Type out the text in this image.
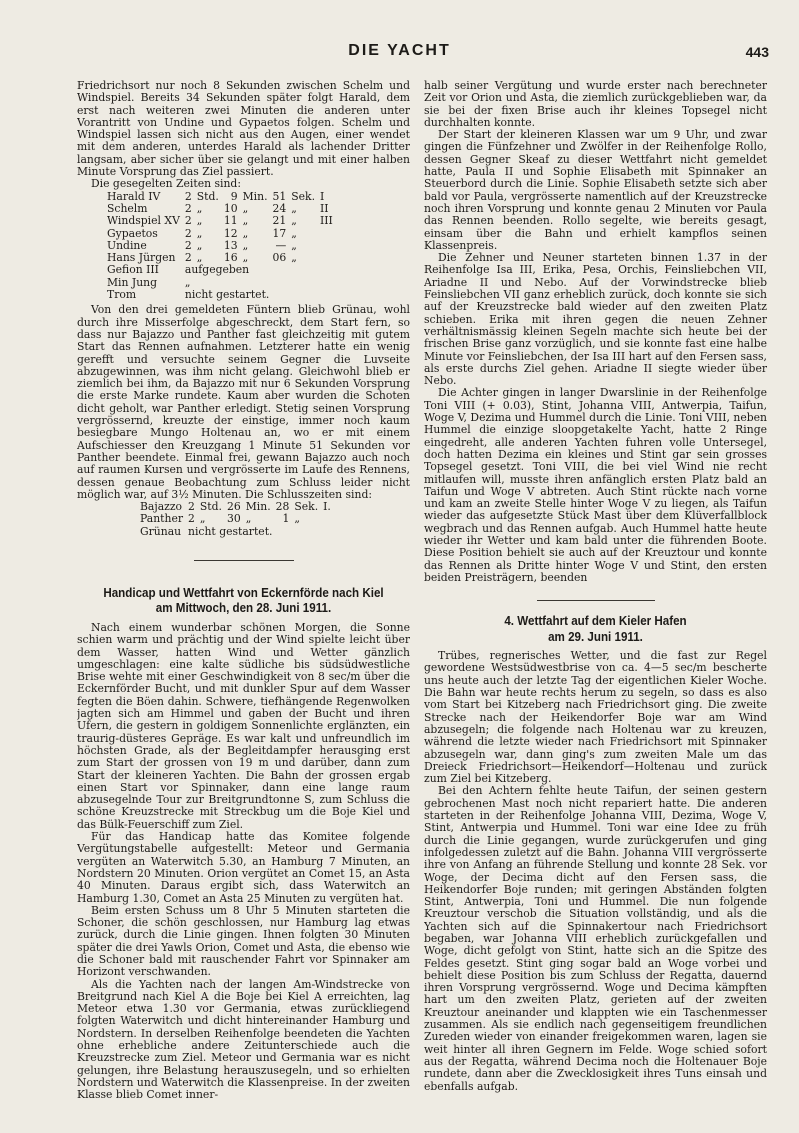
DIE YACHT	443

Friedrichsort nur noch 8 Sekunden zwischen Schelm und Windspiel. Bereits 34 Sekunden später folgt Harald, dem erst nach weiteren zwei Minuten die anderen unter Vorantritt von Undine und Gypaetos folgen. Schelm und Windspiel lassen sich nicht aus den Augen, einer wendet mit dem anderen, unterdes Harald als lachender Dritter langsam, aber sicher über sie gelangt und mit einer halben Minute Vorsprung das Ziel passiert.

Die gesegelten Zeiten sind:

Harald IV	2	Std.	9	Min.	51	Sek.	I
Schelm	2	„	10	„	24	„	II
Windspiel XV	2	„	11	„	21	„	III
Gypaetos	2	„	12	„	17	„	
Undine	2	„	13	„	—	„	
Hans Jürgen	2	„	16	„	06	„	
Gefion III	aufgegeben						
Min Jung	„						
Trom	nicht gestartet.						

Von den drei gemeldeten Füntern blieb Grünau, wohl durch ihre Misserfolge abgeschreckt, dem Start fern, so dass nur Bajazzo und Panther fast gleichzeitig mit gutem Start das Rennen aufnahmen. Letzterer hatte ein wenig gerefft und versuchte seinem Gegner die Luvseite abzugewinnen, was ihm nicht gelang. Gleichwohl blieb er ziemlich bei ihm, da Bajazzo mit nur 6 Sekunden Vorsprung die erste Marke rundete. Kaum aber wurden die Schoten dicht geholt, war Panther erledigt. Stetig seinen Vorsprung vergrössernd, kreuzte der einstige, immer noch kaum besiegbare Mungo Holtenau an, wo er mit einem Aufschiesser den Kreuzgang 1 Minute 51 Sekunden vor Panther beendete. Einmal frei, gewann Bajazzo auch noch auf raumen Kursen und vergrösserte im Laufe des Rennens, dessen genaue Beobachtung zum Schluss leider nicht möglich war, auf 3½ Minuten. Die Schlusszeiten sind:

Bajazzo	2	Std.	26	Min.	28	Sek.	I.
Panther	2	„	30	„	1	„	
Grünau	nicht gestartet.						
Handicap und Wettfahrt von Eckernförde nach Kiel
am Mittwoch, den 28. Juni 1911.

Nach einem wunderbar schönen Morgen, die Sonne schien warm und prächtig und der Wind spielte leicht über dem Wasser, hatten Wind und Wetter gänzlich umgeschlagen: eine kalte südliche bis südsüdwestliche Brise wehte mit einer Geschwindigkeit von 8 sec/m über die Eckernförder Bucht, und mit dunkler Spur auf dem Wasser fegten die Böen dahin. Schwere, tiefhängende Regenwolken jagten sich am Himmel und gaben der Bucht und ihren Ufern, die gestern in goldigem Sonnenlichte erglänzten, ein traurig-düsteres Gepräge. Es war kalt und unfreundlich im höchsten Grade, als der Begleitdampfer herausging erst zum Start der grossen von 19 m und darüber, dann zum Start der kleineren Yachten. Die Bahn der grossen ergab einen Start vor Spinnaker, dann eine lange raum abzusegelnde Tour zur Breitgrundtonne S, zum Schluss die schöne Kreuzstrecke mit Streckbug um die Boje Kiel und das Bülk-Feuerschiff zum Ziel.

Für das Handicap hatte das Komitee folgende Vergütungstabelle aufgestellt: Meteor und Germania vergüten an Waterwitch 5.30, an Hamburg 7 Minuten, an Nordstern 20 Minuten. Orion vergütet an Comet 15, an Asta 40 Minuten. Daraus ergibt sich, dass Waterwitch an Hamburg 1.30, Comet an Asta 25 Minuten zu vergüten hat.

Beim ersten Schuss um 8 Uhr 5 Minuten starteten die Schoner, die schön geschlossen, nur Hamburg lag etwas zurück, durch die Linie gingen. Ihnen folgten 30 Minuten später die drei Yawls Orion, Comet und Asta, die ebenso wie die Schoner bald mit rauschender Fahrt vor Spinnaker am Horizont verschwanden.

Als die Yachten nach der langen Am-Windstrecke von Breitgrund nach Kiel A die Boje bei Kiel A erreichten, lag Meteor etwa 1.30 vor Germania, etwas zurückliegend folgten Waterwitch und dicht hintereinander Hamburg und Nordstern. In derselben Reihenfolge beendeten die Yachten ohne erhebliche andere Zeitunterschiede auch die Kreuzstrecke zum Ziel. Meteor und Germania war es nicht gelungen, ihre Belastung herauszusegeln, und so erhielten Nordstern und Waterwitch die Klassenpreise. In der zweiten Klasse blieb Comet inner-

halb seiner Vergütung und wurde erster nach berechneter Zeit vor Orion und Asta, die ziemlich zurückgeblieben war, da sie bei der fixen Brise auch ihr kleines Topsegel nicht durchhalten konnte.

Der Start der kleineren Klassen war um 9 Uhr, und zwar gingen die Fünfzehner und Zwölfer in der Reihenfolge Rollo, dessen Gegner Skeaf zu dieser Wettfahrt nicht gemeldet hatte, Paula II und Sophie Elisabeth mit Spinnaker an Steuerbord durch die Linie. Sophie Elisabeth setzte sich aber bald vor Paula, vergrösserte namentlich auf der Kreuzstrecke noch ihren Vorsprung und konnte genau 2 Minuten vor Paula das Rennen beenden. Rollo segelte, wie bereits gesagt, einsam über die Bahn und erhielt kampflos seinen Klassenpreis.

Die Zehner und Neuner starteten binnen 1.37 in der Reihenfolge Isa III, Erika, Pesa, Orchis, Feinsliebchen VII, Ariadne II und Nebo. Auf der Vorwindstrecke blieb Feinsliebchen VII ganz erheblich zurück, doch konnte sie sich auf der Kreuzstrecke bald wieder auf den zweiten Platz schieben. Erika mit ihren gegen die neuen Zehner verhältnismässig kleinen Segeln machte sich heute bei der frischen Brise ganz vorzüglich, und sie konnte fast eine halbe Minute vor Feinsliebchen, der Isa III hart auf den Fersen sass, als erste durchs Ziel gehen. Ariadne II siegte wieder über Nebo.

Die Achter gingen in langer Dwarslinie in der Reihenfolge Toni VIII (+ 0.03), Stint, Johanna VIII, Antwerpia, Taifun, Woge V, Dezima und Hummel durch die Linie. Toni VIII, neben Hummel die einzige sloopgetakelte Yacht, hatte 2 Ringe eingedreht, alle anderen Yachten fuhren volle Untersegel, doch hatten Dezima ein kleines und Stint gar sein grosses Topsegel gesetzt. Toni VIII, die bei viel Wind nie recht mitlaufen will, musste ihren anfänglich ersten Platz bald an Taifun und Woge V abtreten. Auch Stint rückte nach vorne und kam an zweite Stelle hinter Woge V zu liegen, als Taifun wieder das aufgesetzte Stück Mast über dem Klüverfallblock wegbrach und das Rennen aufgab. Auch Hummel hatte heute wieder ihr Wetter und kam bald unter die führenden Boote. Diese Position behielt sie auch auf der Kreuztour und konnte das Rennen als Dritte hinter Woge V und Stint, den ersten beiden Preisträgern, beenden

4. Wettfahrt auf dem Kieler Hafen
am 29. Juni 1911.

Trübes, regnerisches Wetter, und die fast zur Regel gewordene Westsüdwestbrise von ca. 4—5 sec/m bescherte uns heute auch der letzte Tag der eigentlichen Kieler Woche. Die Bahn war heute rechts herum zu segeln, so dass es also vom Start bei Kitzeberg nach Friedrichsort ging. Die zweite Strecke nach der Heikendorfer Boje war am Wind abzusegeln; die folgende nach Holtenau war zu kreuzen, während die letzte wieder nach Friedrichsort mit Spinnaker abzusegeln war, dann ging's zum zweiten Male um das Dreieck Friedrichsort—Heikendorf—Holtenau und zurück zum Ziel bei Kitzeberg.

Bei den Achtern fehlte heute Taifun, der seinen gestern gebrochenen Mast noch nicht repariert hatte. Die anderen starteten in der Reihenfolge Johanna VIII, Dezima, Woge V, Stint, Antwerpia und Hummel. Toni war eine Idee zu früh durch die Linie gegangen, wurde zurückgerufen und ging infolgedessen zuletzt auf die Bahn. Johanna VIII vergrösserte ihre von Anfang an führende Stellung und konnte 28 Sek. vor Woge, der Decima dicht auf den Fersen sass, die Heikendorfer Boje runden; mit geringen Abständen folgten Stint, Antwerpia, Toni und Hummel. Die nun folgende Kreuztour verschob die Situation vollständig, und als die Yachten sich auf die Spinnakertour nach Friedrichsort begaben, war Johanna VIII erheblich zurückgefallen und Woge, dicht gefolgt von Stint, hatte sich an die Spitze des Feldes gesetzt. Stint ging sogar bald an Woge vorbei und behielt diese Position bis zum Schluss der Regatta, dauernd ihren Vorsprung vergrössernd. Woge und Decima kämpften hart um den zweiten Platz, gerieten auf der zweiten Kreuztour aneinander und klappten wie ein Taschenmesser zusammen. Als sie endlich nach gegenseitigem freundlichen Zureden wieder von einander freigekommen waren, lagen sie weit hinter all ihren Gegnern im Felde. Woge schied sofort aus der Regatta, während Decima noch die Holtenauer Boje rundete, dann aber die Zwecklosigkeit ihres Tuns einsah und ebenfalls aufgab.
